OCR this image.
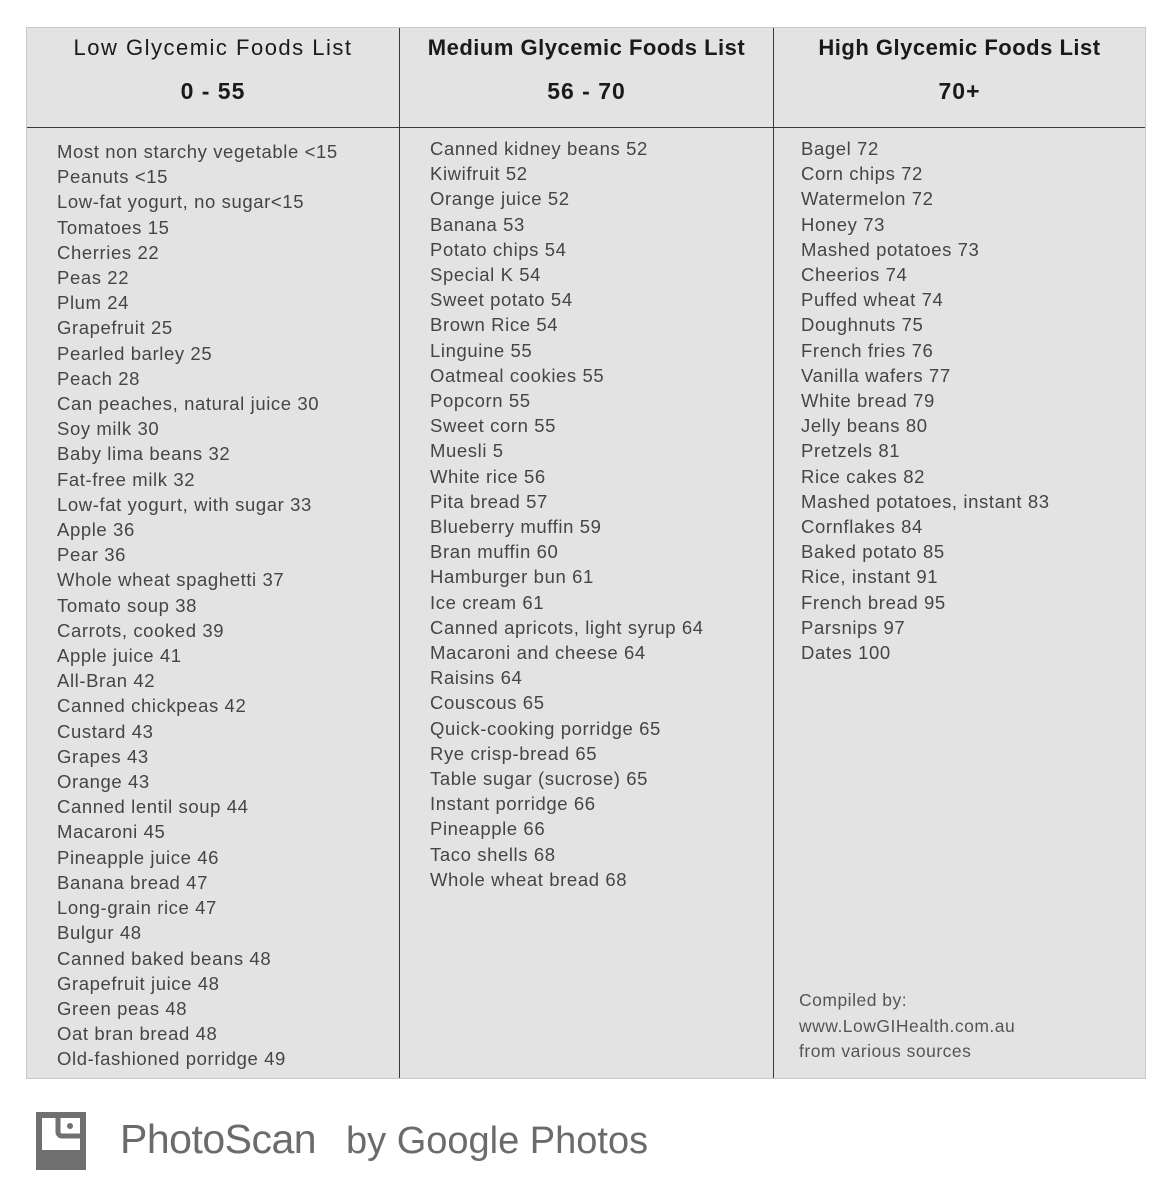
Low Glycemic Foods List
0 - 55
Most non starchy vegetable <15
Peanuts <15
Low-fat yogurt, no sugar<15
Tomatoes 15
Cherries 22
Peas 22
Plum 24
Grapefruit 25
Pearled barley 25
Peach 28
Can peaches, natural juice 30
Soy milk 30
Baby lima beans 32
Fat-free milk 32
Low-fat yogurt, with sugar 33
Apple 36
Pear 36
Whole wheat spaghetti 37
Tomato soup 38
Carrots, cooked 39
Apple juice 41
All-Bran 42
Canned chickpeas 42
Custard 43
Grapes 43
Orange 43
Canned lentil soup 44
Macaroni 45
Pineapple juice 46
Banana bread 47
Long-grain rice 47
Bulgur 48
Canned baked beans 48
Grapefruit juice 48
Green peas 48
Oat bran bread 48
Old-fashioned porridge 49
Medium Glycemic Foods List
56 - 70
Canned kidney beans 52
Kiwifruit 52
Orange juice 52
Banana 53
Potato chips 54
Special K 54
Sweet potato 54
Brown Rice 54
Linguine 55
Oatmeal cookies 55
Popcorn 55
Sweet corn 55
Muesli 5
White rice 56
Pita bread 57
Blueberry muffin 59
Bran muffin 60
Hamburger bun 61
Ice cream 61
Canned apricots, light syrup 64
Macaroni and cheese 64
Raisins 64
Couscous 65
Quick-cooking porridge 65
Rye crisp-bread 65
Table sugar (sucrose) 65
Instant porridge 66
Pineapple 66
Taco shells 68
Whole wheat bread 68
High Glycemic Foods List
70+
Bagel 72
Corn chips 72
Watermelon 72
Honey 73
Mashed potatoes 73
Cheerios 74
Puffed wheat 74
Doughnuts 75
French fries 76
Vanilla wafers 77
White bread 79
Jelly beans 80
Pretzels 81
Rice cakes 82
Mashed potatoes, instant 83
Cornflakes 84
Baked potato 85
Rice, instant 91
French bread 95
Parsnips 97
Dates 100
Compiled by:
www.LowGIHealth.com.au
from various sources
PhotoScan by Google Photos
